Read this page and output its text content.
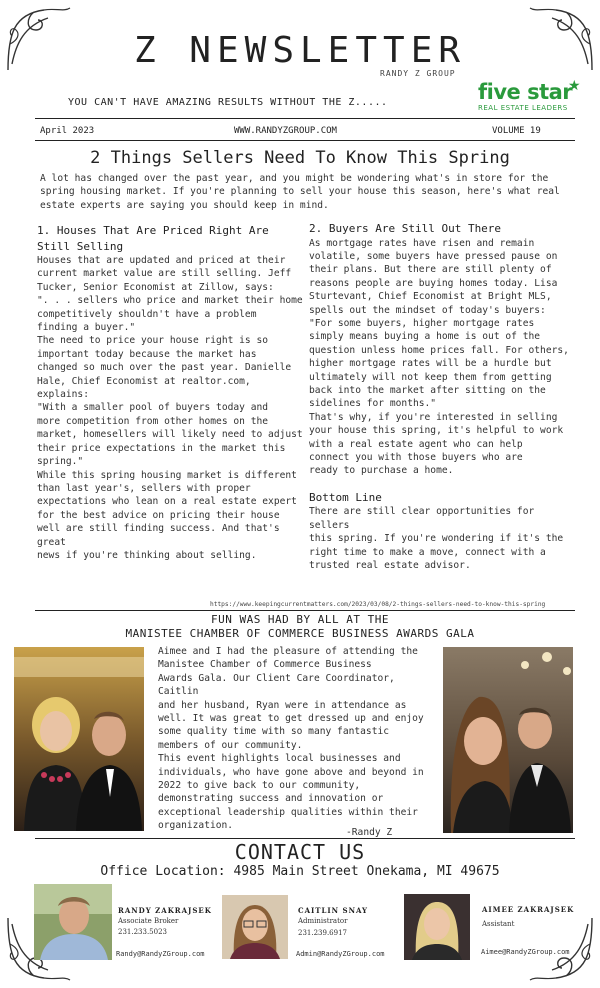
Z NEWSLETTER
RANDY Z GROUP
YOU CAN'T HAVE AMAZING RESULTS WITHOUT THE Z.....	five star
★
REAL ESTATE LEADERS
April 2023	WWW.RANDYZGROUP.COM	VOLUME 19
2 Things Sellers Need To Know This Spring
A lot has changed over the past year, and you might be wondering what's in store for the
spring housing market. If you're planning to sell your house this season, here's what real
estate experts are saying you should keep in mind.
1. Houses That Are Priced Right Are
Still Selling
Houses that are updated and priced at their
current market value are still selling. Jeff
Tucker, Senior Economist at Zillow, says:
". . . sellers who price and market their home
competitively shouldn't have a problem
finding a buyer."
The need to price your house right is so
important today because the market has
changed so much over the past year. Danielle
Hale, Chief Economist at realtor.com,
explains:
"With a smaller pool of buyers today and
more competition from other homes on the
market, homesellers will likely need to adjust
their price expectations in the market this
spring."
While this spring housing market is different
than last year's, sellers with proper
expectations who lean on a real estate expert
for the best advice on pricing their house
well are still finding success. And that's great
news if you're thinking about selling.
2. Buyers Are Still Out There
As mortgage rates have risen and remain
volatile, some buyers have pressed pause on
their plans. But there are still plenty of
reasons people are buying homes today. Lisa
Sturtevant, Chief Economist at Bright MLS,
spells out the mindset of today's buyers:
"For some buyers, higher mortgage rates
simply means buying a home is out of the
question unless home prices fall. For others,
higher mortgage rates will be a hurdle but
ultimately will not keep them from getting
back into the market after sitting on the
sidelines for months."
That's why, if you're interested in selling
your house this spring, it's helpful to work
with a real estate agent who can help
connect you with those buyers who are
ready to purchase a home.
Bottom Line
There are still clear opportunities for sellers
this spring. If you're wondering if it's the
right time to make a move, connect with a
trusted real estate advisor.
https://www.keepingcurrentmatters.com/2023/03/08/2-things-sellers-need-to-know-this-spring
FUN WAS HAD BY ALL AT THE
MANISTEE CHAMBER OF COMMERCE BUSINESS AWARDS GALA
Aimee and I had the pleasure of attending the
Manistee Chamber of Commerce Business
Awards Gala. Our Client Care Coordinator, Caitlin
and her husband, Ryan were in attendance as
well. It was great to get dressed up and enjoy
some quality time with so many fantastic
members of our community.
This event highlights local businesses and
individuals, who have gone above and beyond in
2022 to give back to our community,
demonstrating success and innovation or
exceptional leadership qualities within their
organization.
-Randy Z
CONTACT US
Office Location: 4985 Main Street Onekama, MI 49675
RANDY ZAKRAJSEK
Associate Broker
231.233.5023
Randy@RandyZGroup.com
CAITLIN SNAY
Administrator
231.239.6917
Admin@RandyZGroup.com
AIMEE ZAKRAJSEK
Assistant
Aimee@RandyZGroup.com
